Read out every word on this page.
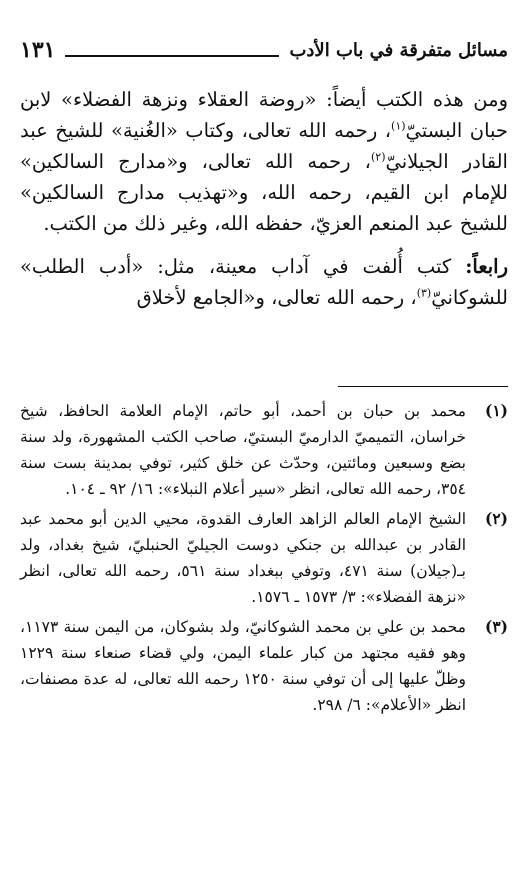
مسائل متفرقة في باب الأدب
١٣١

ومن هذه الكتب أيضاً: «روضة العقلاء ونزهة الفضلاء» لابن حبان البستيّ$^{(١)}$، رحمه الله تعالى، وكتاب «الغُنية» للشيخ عبد القادر الجيلانيّ$^{(٢)}$، رحمه الله تعالى، و«مدارج السالكين» للإمام ابن القيم، رحمه الله، و«تهذيب مدارج السالكين» للشيخ عبد المنعم العزيّ، حفظه الله، وغير ذلك من الكتب.

رابعاً: كتب أُلفت في آداب معينة، مثل: «أدب الطلب» للشوكانيّ$^{(٣)}$، رحمه الله تعالى، و«الجامع لأخلاق

(١)
محمد بن حبان بن أحمد، أبو حاتم، الإمام العلامة الحافظ، شيخ خراسان، التميميّ الدارميّ البستيّ، صاحب الكتب المشهورة، ولد سنة بضع وسبعين ومائتين، وحدّث عن خلق كثير، توفي بمدينة بست سنة ٣٥٤، رحمه الله تعالى، انظر «سير أعلام النبلاء»: ١٦/ ٩٢ ـ ١٠٤.
(٢)
الشيخ الإمام العالم الزاهد العارف القدوة، محيي الدين أبو محمد عبد القادر بن عبدالله بن جنكي دوست الجيليّ الحنبليّ، شيخ بغداد، ولد بـ(جيلان) سنة ٤٧١، وتوفي ببغداد سنة ٥٦١، رحمه الله تعالى، انظر «نزهة الفضلاء»: ٣/ ١٥٧٣ ـ ١٥٧٦.
(٣)
محمد بن علي بن محمد الشوكانيّ، ولد بشوكان، من اليمن سنة ١١٧٣، وهو فقيه مجتهد من كبار علماء اليمن، ولي قضاء صنعاء سنة ١٢٢٩ وظلّ عليها إلى أن توفي سنة ١٢٥٠ رحمه الله تعالى، له عدة مصنفات، انظر «الأعلام»: ٦/ ٢٩٨.
